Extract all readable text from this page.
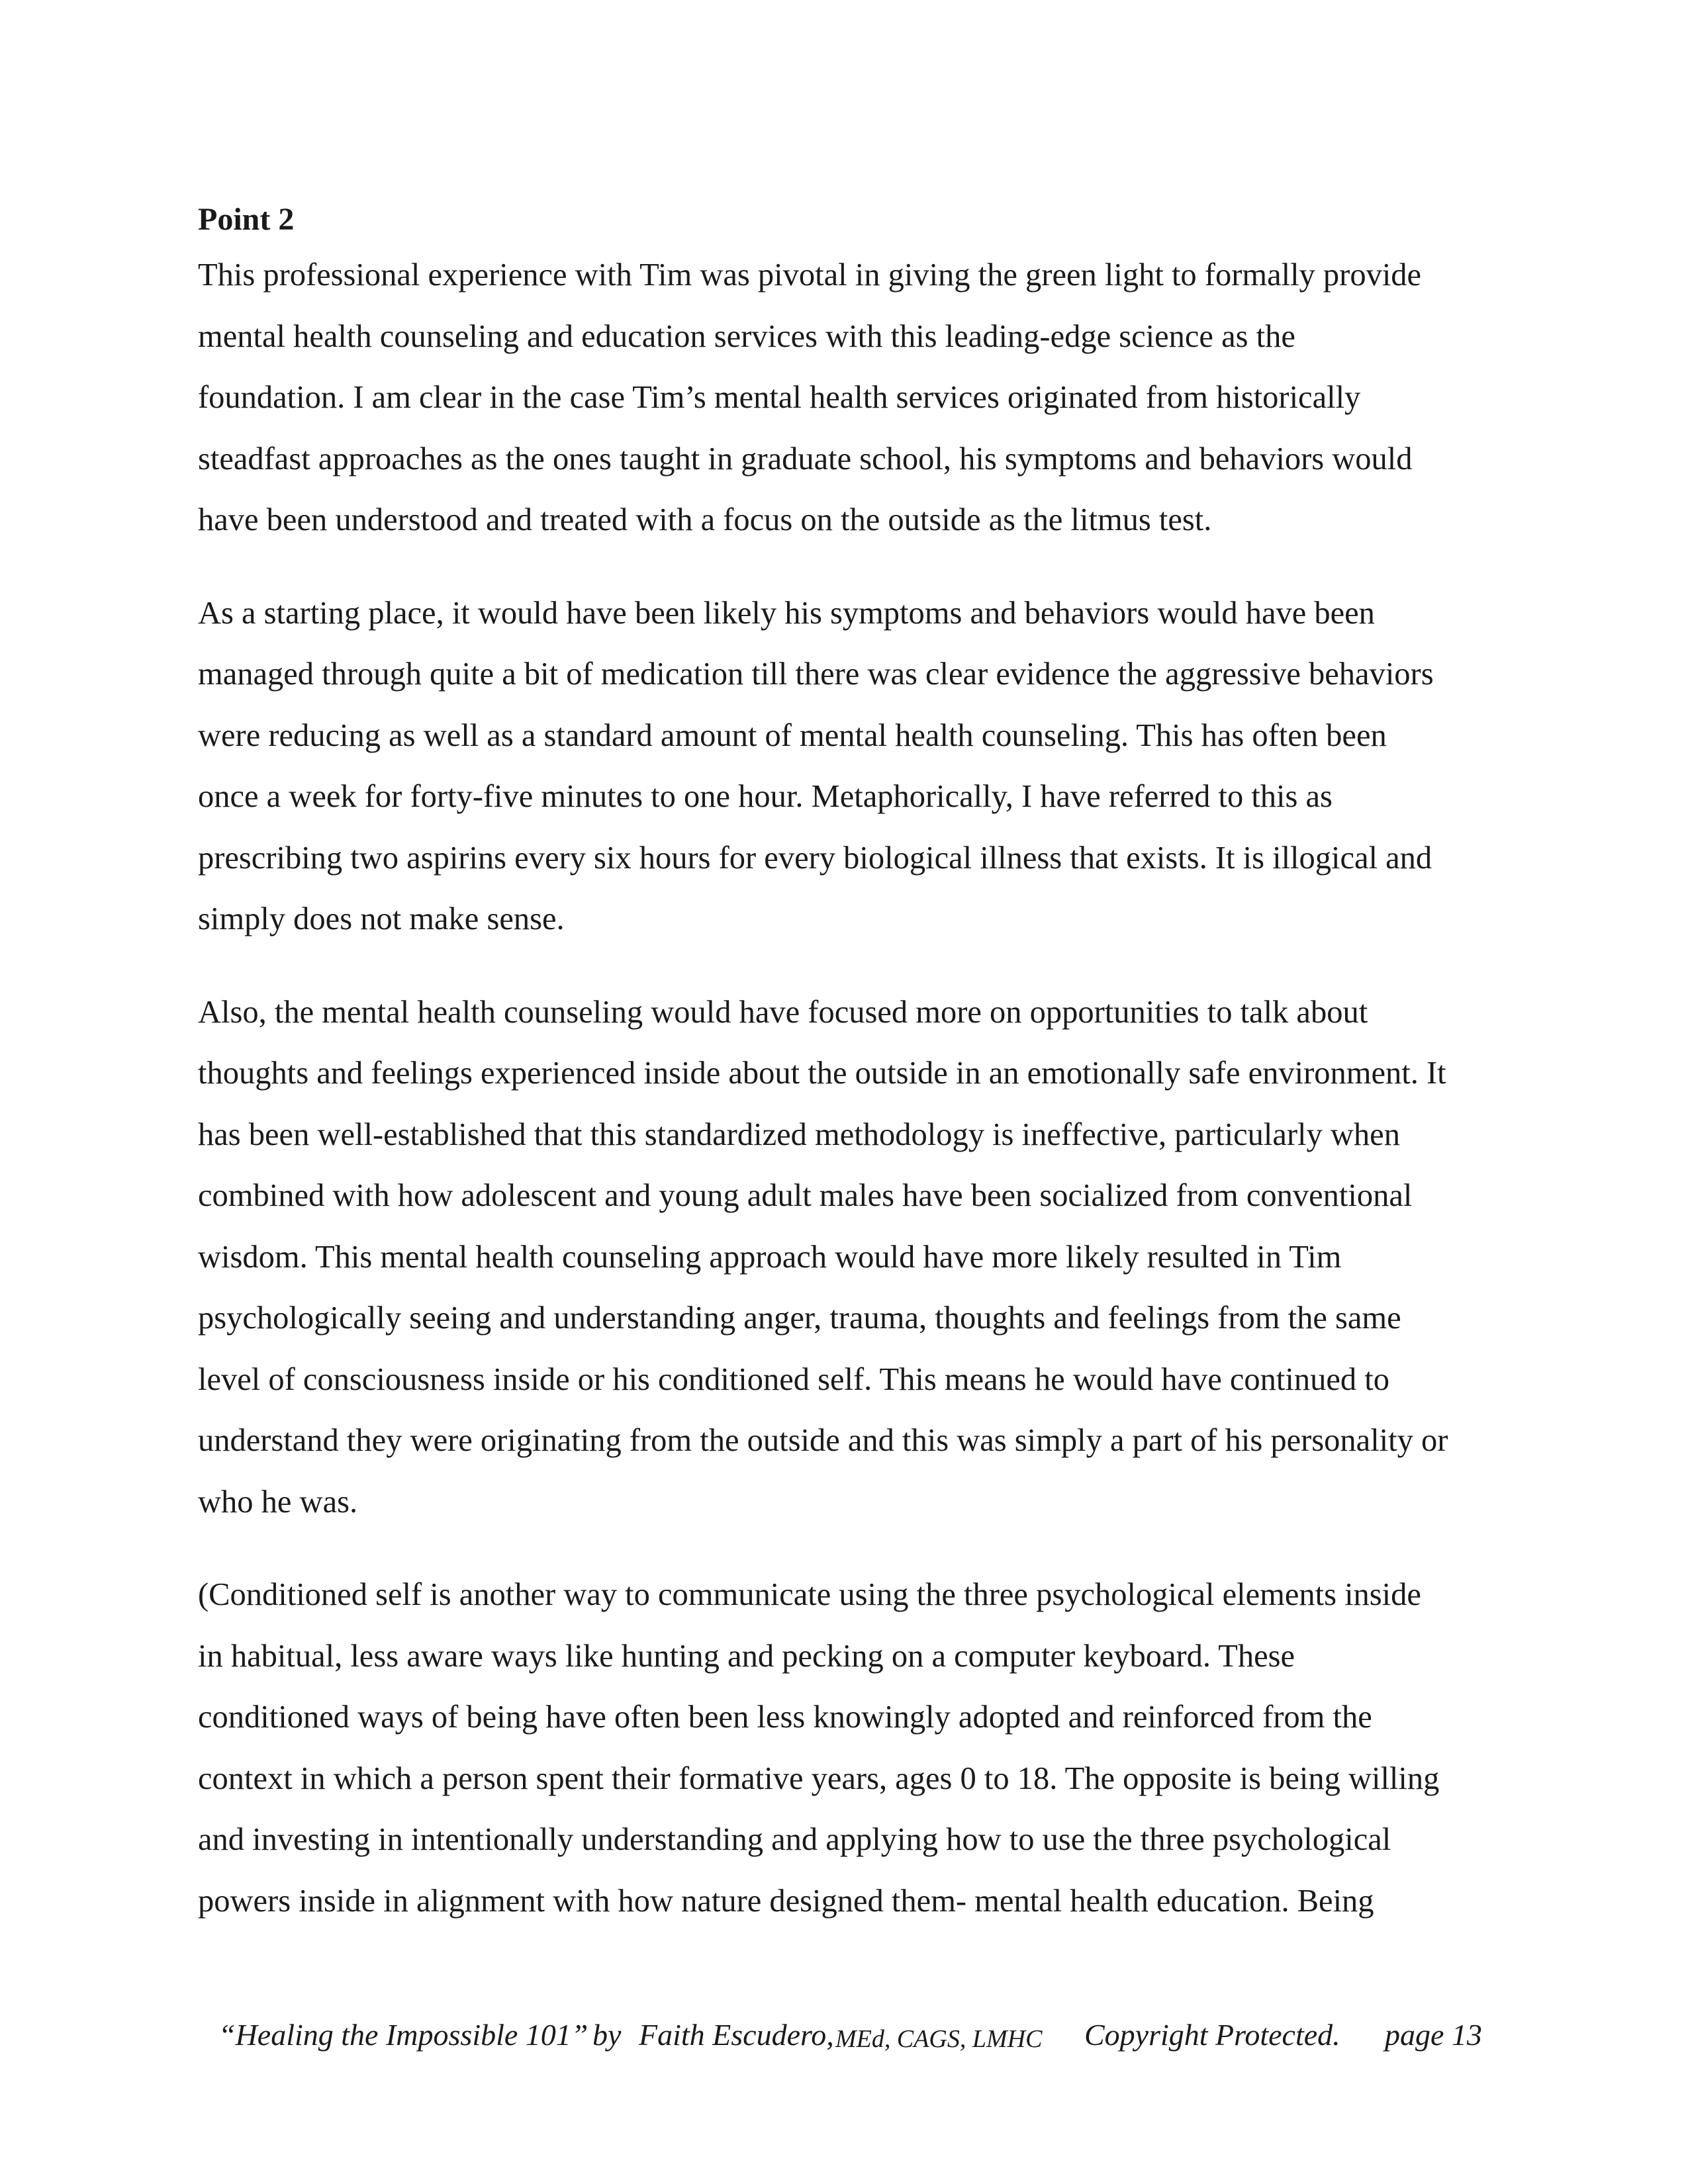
Point 2
This professional experience with Tim was pivotal in giving the green light to formally provide
mental health counseling and education services with this leading-edge science as the
foundation. I am clear in the case Tim’s mental health services originated from historically
steadfast approaches as the ones taught in graduate school, his symptoms and behaviors would
have been understood and treated with a focus on the outside as the litmus test.
As a starting place, it would have been likely his symptoms and behaviors would have been
managed through quite a bit of medication till there was clear evidence the aggressive behaviors
were reducing as well as a standard amount of mental health counseling. This has often been
once a week for forty-five minutes to one hour. Metaphorically, I have referred to this as
prescribing two aspirins every six hours for every biological illness that exists. It is illogical and
simply does not make sense.
Also, the mental health counseling would have focused more on opportunities to talk about
thoughts and feelings experienced inside about the outside in an emotionally safe environment. It
has been well-established that this standardized methodology is ineffective, particularly when
combined with how adolescent and young adult males have been socialized from conventional
wisdom. This mental health counseling approach would have more likely resulted in Tim
psychologically seeing and understanding anger, trauma, thoughts and feelings from the same
level of consciousness inside or his conditioned self. This means he would have continued to
understand they were originating from the outside and this was simply a part of his personality or
who he was.
(Conditioned self is another way to communicate using the three psychological elements inside
in habitual, less aware ways like hunting and pecking on a computer keyboard. These
conditioned ways of being have often been less knowingly adopted and reinforced from the
context in which a person spent their formative years, ages 0 to 18. The opposite is being willing
and investing in intentionally understanding and applying how to use the three psychological
powers inside in alignment with how nature designed them- mental health education. Being
“Healing the Impossible 101” by Faith Escudero, MEd, CAGS, LMHC Copyright Protected. page 13
